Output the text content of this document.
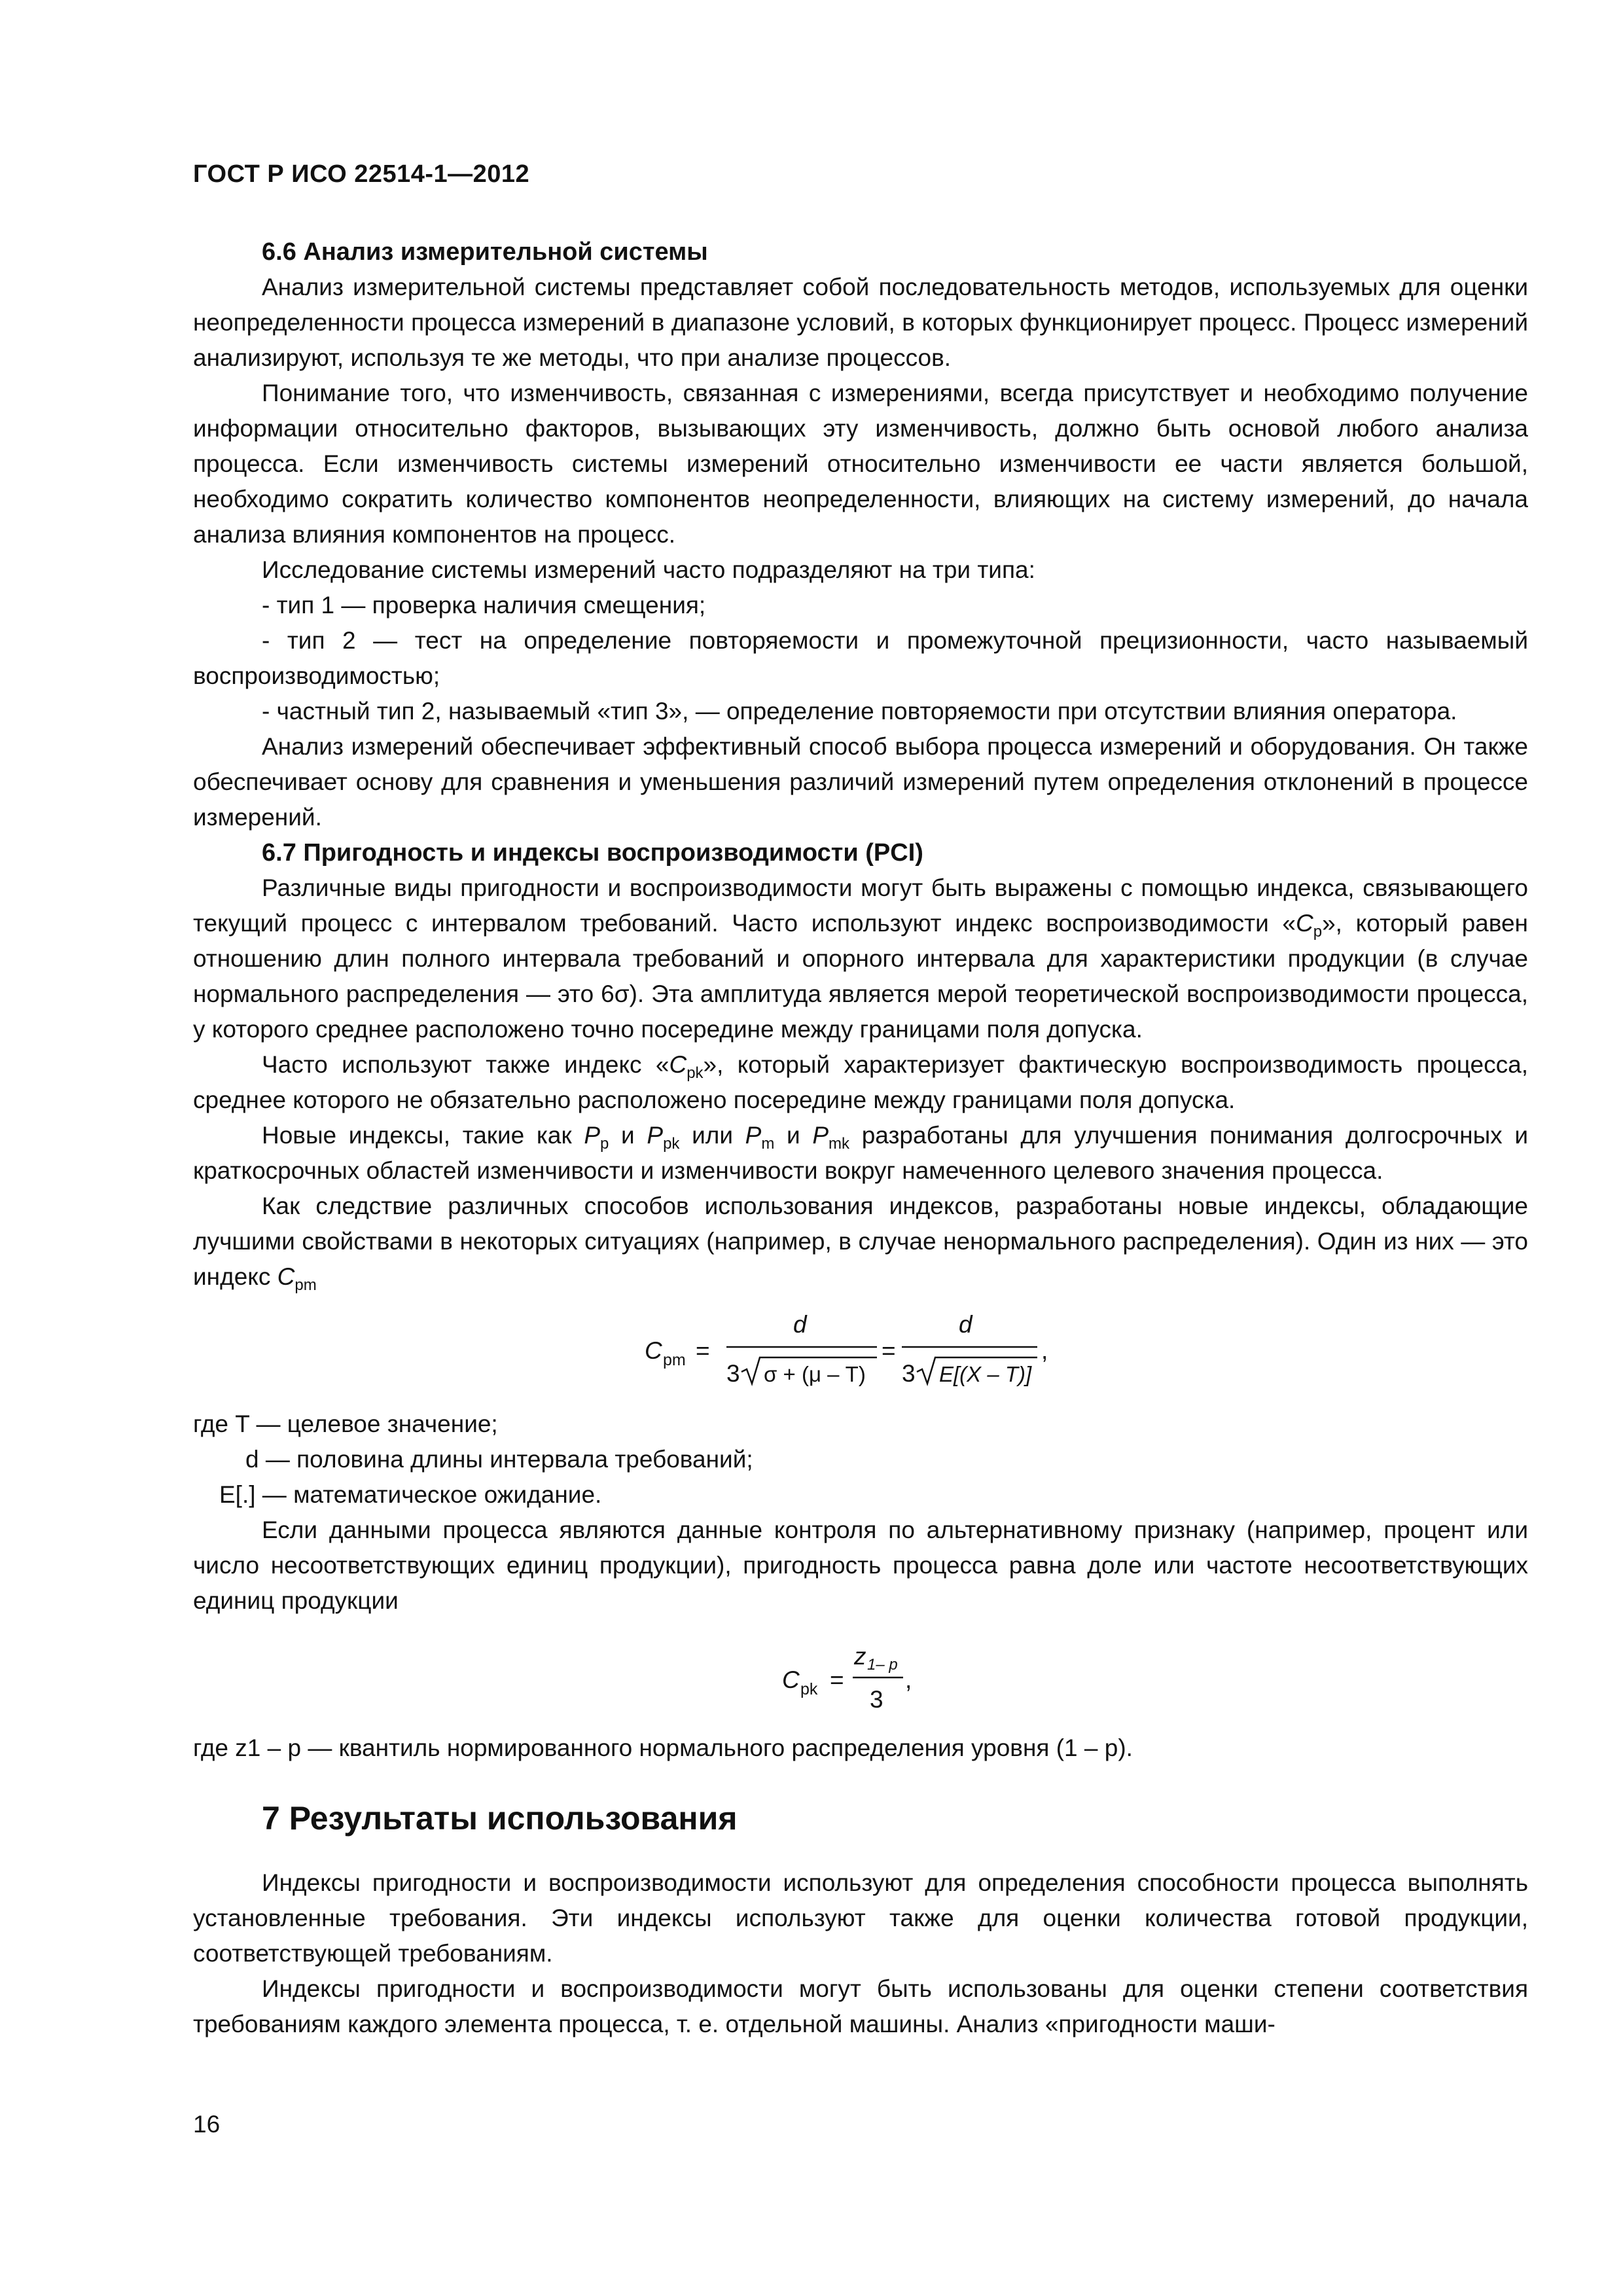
ГОСТ Р ИСО 22514-1—2012
6.6 Анализ измерительной системы

Анализ измерительной системы представляет собой последовательность методов, используемых для оценки неопределенности процесса измерений в диапазоне условий, в которых функционирует процесс. Процесс измерений анализируют, используя те же методы, что при анализе процессов.

Понимание того, что изменчивость, связанная с измерениями, всегда присутствует и необходимо получение информации относительно факторов, вызывающих эту изменчивость, должно быть основой любого анализа процесса. Если изменчивость системы измерений относительно изменчивости ее части является большой, необходимо сократить количество компонентов неопределенности, влияющих на систему измерений, до начала анализа влияния компонентов на процесс.

Исследование системы измерений часто подразделяют на три типа:

- тип 1 — проверка наличия смещения;

- тип 2 — тест на определение повторяемости и промежуточной прецизионности, часто называемый воспроизводимостью;

- частный тип 2, называемый «тип 3», — определение повторяемости при отсутствии влияния оператора.

Анализ измерений обеспечивает эффективный способ выбора процесса измерений и оборудования. Он также обеспечивает основу для сравнения и уменьшения различий измерений путем определения отклонений в процессе измерений.

6.7 Пригодность и индексы воспроизводимости (PCI)

Различные виды пригодности и воспроизводимости могут быть выражены с помощью индекса, связывающего текущий процесс с интервалом требований. Часто используют индекс воспроизводимости «$C_p$», который равен отношению длин полного интервала требований и опорного интервала для характеристики продукции (в случае нормального распределения — это 6σ). Эта амплитуда является мерой теоретической воспроизводимости процесса, у которого среднее расположено точно посередине между границами поля допуска.

Часто используют также индекс «$C_{pk}$», который характеризует фактическую воспроизводимость процесса, среднее которого не обязательно расположено посередине между границами поля допуска.

Новые индексы, такие как $P_p$ и $P_{pk}$ или $P_m$ и $P_{mk}$ разработаны для улучшения понимания долгосрочных и краткосрочных областей изменчивости и изменчивости вокруг намеченного целевого значения процесса.

Как следствие различных способов использования индексов, разработаны новые индексы, обладающие лучшими свойствами в некоторых ситуациях (например, в случае ненормального распределения). Один из них — это индекс $C_{pm}$

C pm =
d
3 σ + (μ – T)
=
d
3 E[(X – T)]
,
где T — целевое значение;
d — половина длины интервала требований;
E[.] — математическое ожидание.

Если данными процесса являются данные контроля по альтернативному признаку (например, процент или число несоответствующих единиц продукции), пригодность процесса равна доле или частоте несоответствующих единиц продукции

C pk =
z 1– p
3
,
где z1 – p — квантиль нормированного нормального распределения уровня (1 – p).
7 Результаты использования

Индексы пригодности и воспроизводимости используют для определения способности процесса выполнять установленные требования. Эти индексы используют также для оценки количества готовой продукции, соответствующей требованиям.

Индексы пригодности и воспроизводимости могут быть использованы для оценки степени соответствия требованиям каждого элемента процесса, т. е. отдельной машины. Анализ «пригодности маши-

16
